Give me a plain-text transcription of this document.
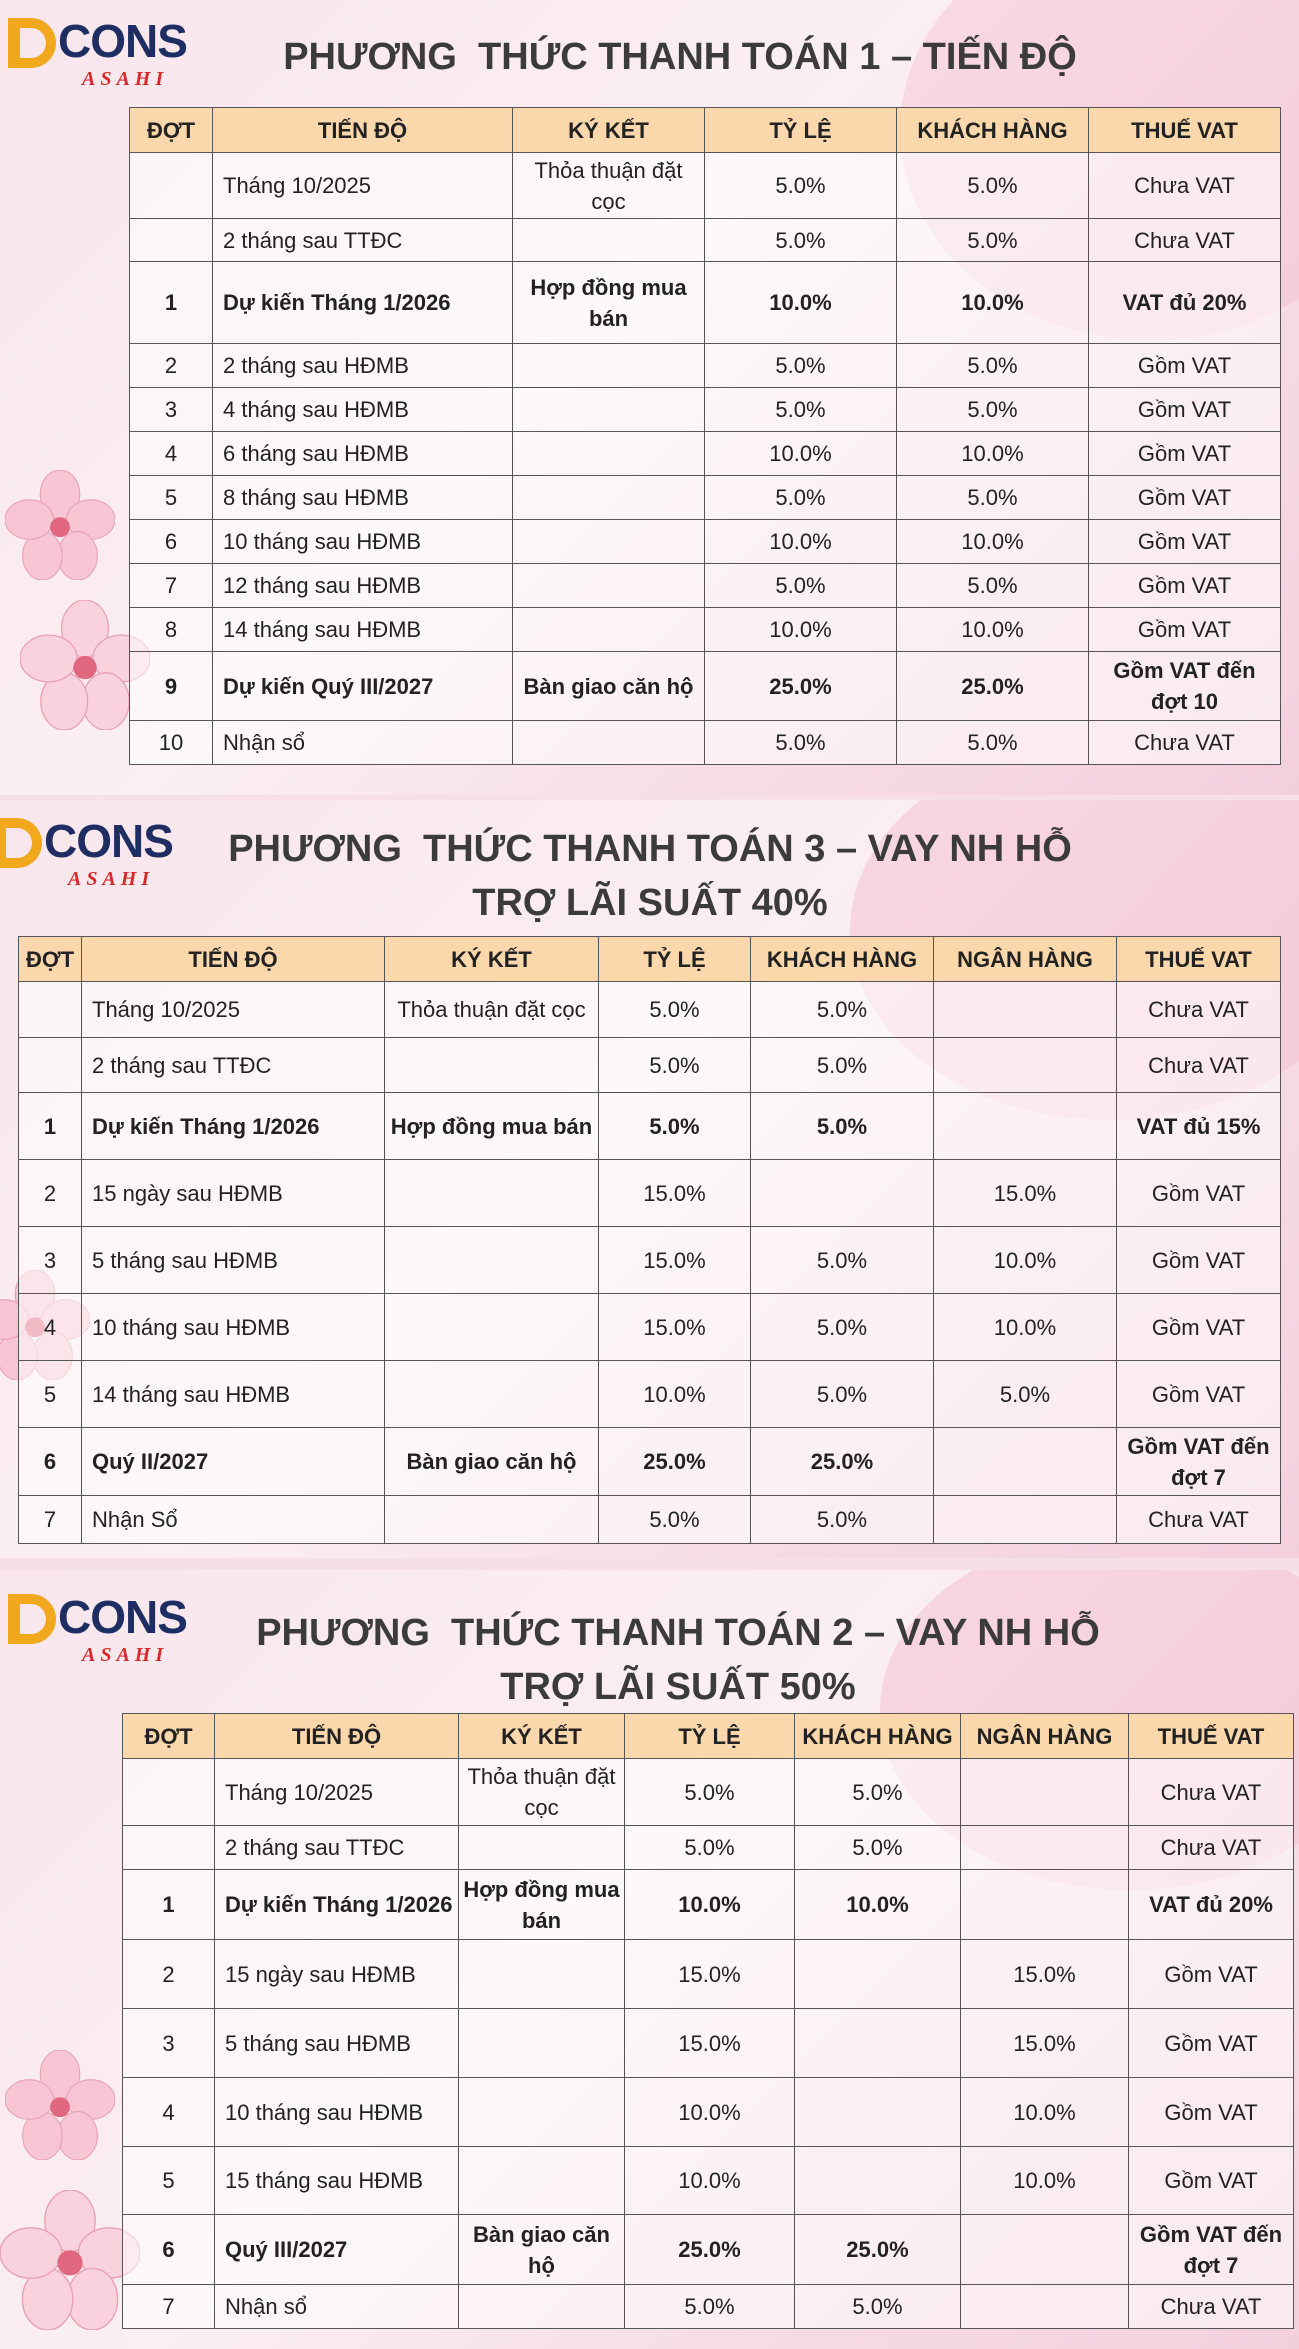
CONS
ASAHI
PHƯƠNG  THỨC THANH TOÁN 1 – TIẾN ĐỘ
ĐỢT	TIẾN ĐỘ	KÝ KẾT	TỶ LỆ	KHÁCH HÀNG	THUẾ VAT
	Tháng 10/2025	Thỏa thuận đặt cọc	5.0%	5.0%	Chưa VAT
	2 tháng sau TTĐC		5.0%	5.0%	Chưa VAT
1	Dự kiến Tháng 1/2026	Hợp đồng mua bán	10.0%	10.0%	VAT đủ 20%
2	2 tháng sau HĐMB		5.0%	5.0%	Gồm VAT
3	4 tháng sau HĐMB		5.0%	5.0%	Gồm VAT
4	6 tháng sau HĐMB		10.0%	10.0%	Gồm VAT
5	8 tháng sau HĐMB		5.0%	5.0%	Gồm VAT
6	10 tháng sau HĐMB		10.0%	10.0%	Gồm VAT
7	12 tháng sau HĐMB		5.0%	5.0%	Gồm VAT
8	14 tháng sau HĐMB		10.0%	10.0%	Gồm VAT
9	Dự kiến Quý III/2027	Bàn giao căn hộ	25.0%	25.0%	Gồm VAT đến đợt 10
10	Nhận sổ		5.0%	5.0%	Chưa VAT
CONS
ASAHI
PHƯƠNG  THỨC THANH TOÁN 3 – VAY NH HỖ
TRỢ LÃI SUẤT 40%
ĐỢT	TIẾN ĐỘ	KÝ KẾT	TỶ LỆ	KHÁCH HÀNG	NGÂN HÀNG	THUẾ VAT
	Tháng 10/2025	Thỏa thuận đặt cọc	5.0%	5.0%		Chưa VAT
	2 tháng sau TTĐC		5.0%	5.0%		Chưa VAT
1	Dự kiến Tháng 1/2026	Hợp đồng mua bán	5.0%	5.0%		VAT đủ 15%
2	15 ngày sau HĐMB		15.0%		15.0%	Gồm VAT
3	5 tháng sau HĐMB		15.0%	5.0%	10.0%	Gồm VAT
4	10 tháng sau HĐMB		15.0%	5.0%	10.0%	Gồm VAT
5	14 tháng sau HĐMB		10.0%	5.0%	5.0%	Gồm VAT
6	Quý II/2027	Bàn giao căn hộ	25.0%	25.0%		Gồm VAT đến đợt 7
7	Nhận Sổ		5.0%	5.0%		Chưa VAT
CONS
ASAHI
PHƯƠNG  THỨC THANH TOÁN 2 – VAY NH HỖ
TRỢ LÃI SUẤT 50%
ĐỢT	TIẾN ĐỘ	KÝ KẾT	TỶ LỆ	KHÁCH HÀNG	NGÂN HÀNG	THUẾ VAT
	Tháng 10/2025	Thỏa thuận đặt cọc	5.0%	5.0%		Chưa VAT
	2 tháng sau TTĐC		5.0%	5.0%		Chưa VAT
1	Dự kiến Tháng 1/2026	Hợp đồng mua bán	10.0%	10.0%		VAT đủ 20%
2	15 ngày sau HĐMB		15.0%		15.0%	Gồm VAT
3	5 tháng sau HĐMB		15.0%		15.0%	Gồm VAT
4	10 tháng sau HĐMB		10.0%		10.0%	Gồm VAT
5	15 tháng sau HĐMB		10.0%		10.0%	Gồm VAT
6	Quý III/2027	Bàn giao căn hộ	25.0%	25.0%		Gồm VAT đến đợt 7
7	Nhận sổ		5.0%	5.0%		Chưa VAT
